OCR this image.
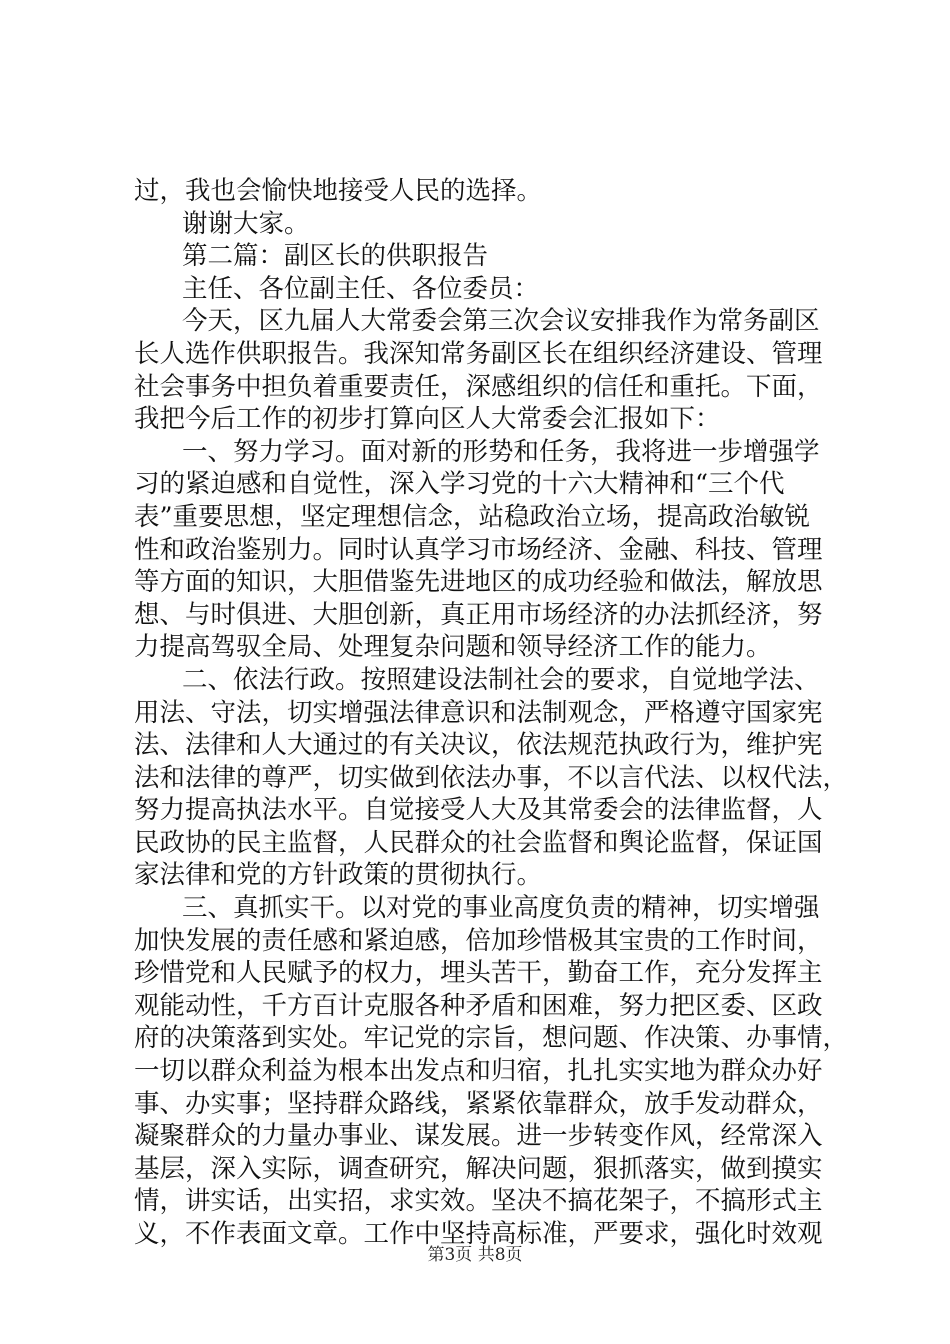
过，我也会愉快地接受人民的选择。
谢谢大家。
第二篇：副区长的供职报告
主任、各位副主任、各位委员：
今天，区九届人大常委会第三次会议安排我作为常务副区
长人选作供职报告。我深知常务副区长在组织经济建设、管理
社会事务中担负着重要责任，深感组织的信任和重托。下面，
我把今后工作的初步打算向区人大常委会汇报如下：
一、努力学习。面对新的形势和任务，我将进一步增强学
习的紧迫感和自觉性，深入学习党的十六大精神和“三个代
表”重要思想，坚定理想信念，站稳政治立场，提高政治敏锐
性和政治鉴别力。同时认真学习市场经济、金融、科技、管理
等方面的知识，大胆借鉴先进地区的成功经验和做法，解放思
想、与时俱进、大胆创新，真正用市场经济的办法抓经济，努
力提高驾驭全局、处理复杂问题和领导经济工作的能力。
二、依法行政。按照建设法制社会的要求，自觉地学法、
用法、守法，切实增强法律意识和法制观念，严格遵守国家宪
法、法律和人大通过的有关决议，依法规范执政行为，维护宪
法和法律的尊严，切实做到依法办事，不以言代法、以权代法，
努力提高执法水平。自觉接受人大及其常委会的法律监督，人
民政协的民主监督，人民群众的社会监督和舆论监督，保证国
家法律和党的方针政策的贯彻执行。
三、真抓实干。以对党的事业高度负责的精神，切实增强
加快发展的责任感和紧迫感，倍加珍惜极其宝贵的工作时间，
珍惜党和人民赋予的权力，埋头苦干，勤奋工作，充分发挥主
观能动性，千方百计克服各种矛盾和困难，努力把区委、区政
府的决策落到实处。牢记党的宗旨，想问题、作决策、办事情，
一切以群众利益为根本出发点和归宿，扎扎实实地为群众办好
事、办实事；坚持群众路线，紧紧依靠群众，放手发动群众，
凝聚群众的力量办事业、谋发展。进一步转变作风，经常深入
基层，深入实际，调查研究，解决问题，狠抓落实，做到摸实
情，讲实话，出实招，求实效。坚决不搞花架子，不搞形式主
义，不作表面文章。工作中坚持高标准，严要求，强化时效观
第3页 共8页
